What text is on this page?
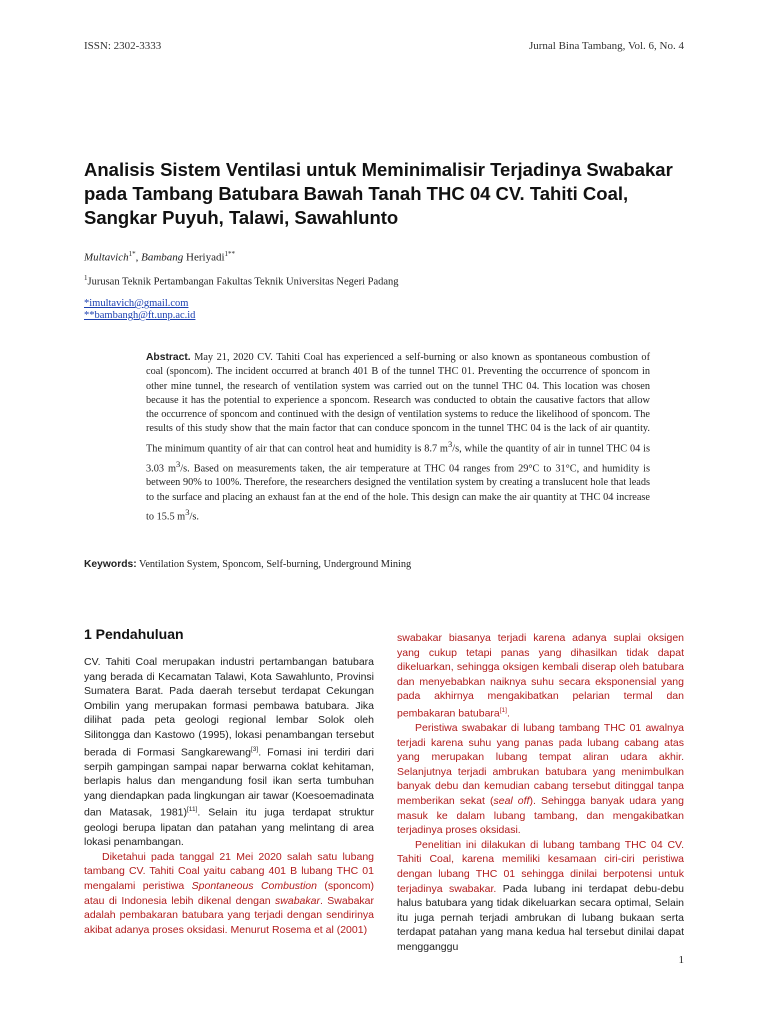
ISSN: 2302-3333	Jurnal Bina Tambang, Vol. 6, No. 4
Analisis Sistem Ventilasi untuk Meminimalisir Terjadinya Swabakar pada Tambang Batubara Bawah Tanah THC 04 CV. Tahiti Coal, Sangkar Puyuh, Talawi, Sawahlunto
Multavich$^{1*}$, Bambang Heriyadi$^{1**}$
$^1$Jurusan Teknik Pertambangan Fakultas Teknik Universitas Negeri Padang
*imultavich@gmail.com
**bambangh@ft.unp.ac.id
Abstract. May 21, 2020 CV. Tahiti Coal has experienced a self-burning or also known as spontaneous combustion of coal (sponcom). The incident occurred at branch 401 B of the tunnel THC 01. Preventing the occurrence of sponcom in other mine tunnel, the research of ventilation system was carried out on the tunnel THC 04. This location was chosen because it has the potential to experience a sponcom. Research was conducted to obtain the causative factors that allow the occurrence of sponcom and continued with the design of ventilation systems to reduce the likelihood of sponcom. The results of this study show that the main factor that can conduce sponcom in the tunnel THC 04 is the lack of air quantity. The minimum quantity of air that can control heat and humidity is 8.7 $m^3/s$, while the quantity of air in tunnel THC 04 is 3.03 $m^3/s$. Based on measurements taken, the air temperature at THC 04 ranges from 29°C to 31°C, and humidity is between 90% to 100%. Therefore, the researchers designed the ventilation system by creating a translucent hole that leads to the surface and placing an exhaust fan at the end of the hole. This design can make the air quantity at THC 04 increase to 15.5 $m^3/s$.
Keywords: Ventilation System, Sponcom, Self-burning, Underground Mining
1 Pendahuluan

CV. Tahiti Coal merupakan industri pertambangan batubara yang berada di Kecamatan Talawi, Kota Sawahlunto, Provinsi Sumatera Barat. Pada daerah tersebut terdapat Cekungan Ombilin yang merupakan formasi pembawa batubara. Jika dilihat pada peta geologi regional lembar Solok oleh Silitongga dan Kastowo (1995), lokasi penambangan tersebut berada di Formasi Sangkarewang[3]. Fomasi ini terdiri dari serpih gampingan sampai napar berwarna coklat kehitaman, berlapis halus dan mengandung fosil ikan serta tumbuhan yang diendapkan pada lingkungan air tawar (Koesoemadinata dan Matasak, 1981)[11]. Selain itu juga terdapat struktur geologi berupa lipatan dan patahan yang melintang di area lokasi penambangan.

Diketahui pada tanggal 21 Mei 2020 salah satu lubang tambang CV. Tahiti Coal yaitu cabang 401 B lubang THC 01 mengalami peristiwa Spontaneous Combustion (sponcom) atau di Indonesia lebih dikenal dengan swabakar. Swabakar adalah pembakaran batubara yang terjadi dengan sendirinya akibat adanya proses oksidasi. Menurut Rosema et al (2001)

swabakar biasanya terjadi karena adanya suplai oksigen yang cukup tetapi panas yang dihasilkan tidak dapat dikeluarkan, sehingga oksigen kembali diserap oleh batubara dan menyebabkan naiknya suhu secara eksponensial yang pada akhirnya mengakibatkan pelarian termal dan pembakaran batubara[1].

Peristiwa swabakar di lubang tambang THC 01 awalnya terjadi karena suhu yang panas pada lubang cabang atas yang merupakan lubang tempat aliran udara akhir. Selanjutnya terjadi ambrukan batubara yang menimbulkan banyak debu dan kemudian cabang tersebut ditinggal tanpa memberikan sekat (seal off). Sehingga banyak udara yang masuk ke dalam lubang tambang, dan mengakibatkan terjadinya proses oksidasi.

Penelitian ini dilakukan di lubang tambang THC 04 CV. Tahiti Coal, karena memiliki kesamaan ciri-ciri peristiwa dengan lubang THC 01 sehingga dinilai berpotensi untuk terjadinya swabakar. Pada lubang ini terdapat debu-debu halus batubara yang tidak dikeluarkan secara optimal, Selain itu juga pernah terjadi ambrukan di lubang bukaan serta terdapat patahan yang mana kedua hal tersebut dinilai dapat mengganggu

1
